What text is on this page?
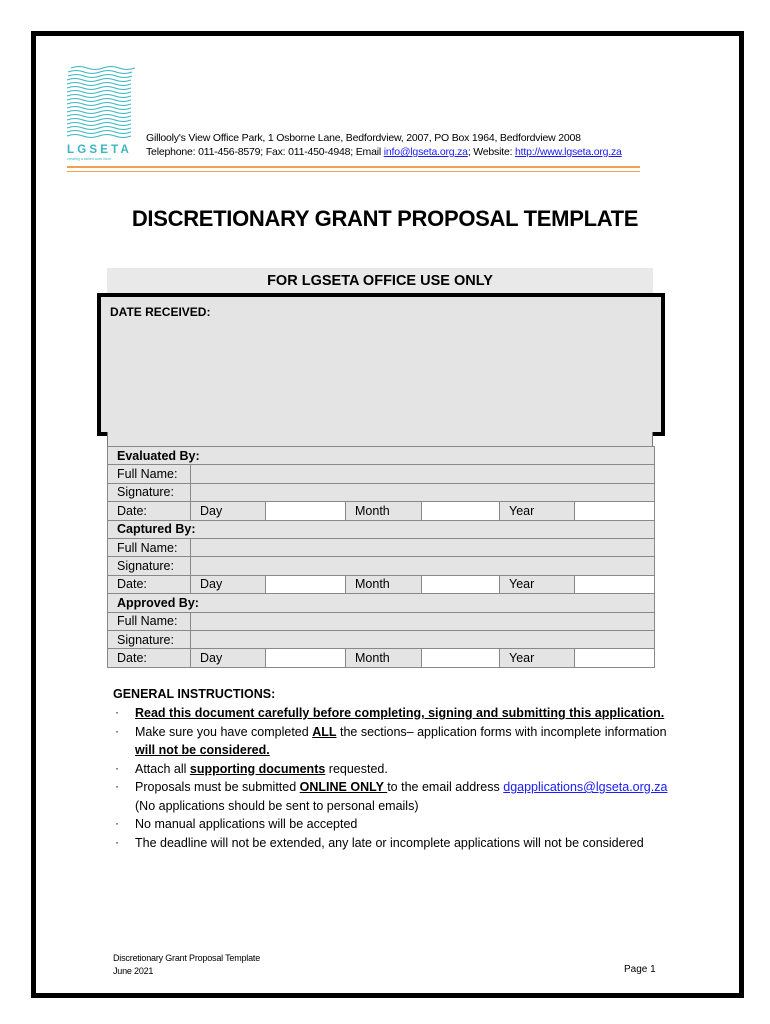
LGSETA
creating a skilled work force
Gillooly's View Office Park, 1 Osborne Lane, Bedfordview, 2007, PO Box 1964, Bedfordview 2008
Telephone: 011-456-8579; Fax: 011-450-4948; Email info@lgseta.org.za; Website: http://www.lgseta.org.za
DISCRETIONARY GRANT PROPOSAL TEMPLATE
FOR LGSETA OFFICE USE ONLY
DATE RECEIVED:
Evaluated By:						
Full Name:						
Signature:						
Date:	Day		Month		Year	
Captured By:						
Full Name:						
Signature:						
Date:	Day		Month		Year	
Approved By:						
Full Name:						
Signature:						
Date:	Day		Month		Year	
GENERAL INSTRUCTIONS:
· Read this document carefully before completing, signing and submitting this application.
· Make sure you have completed ALL the sections– application forms with incomplete information will not be considered.
· Attach all supporting documents requested.
· Proposals must be submitted ONLINE ONLY to the email address dgapplications@lgseta.org.za (No applications should be sent to personal emails)
· No manual applications will be accepted
· The deadline will not be extended, any late or incomplete applications will not be considered
Discretionary Grant Proposal Template
June 2021	Page 1
